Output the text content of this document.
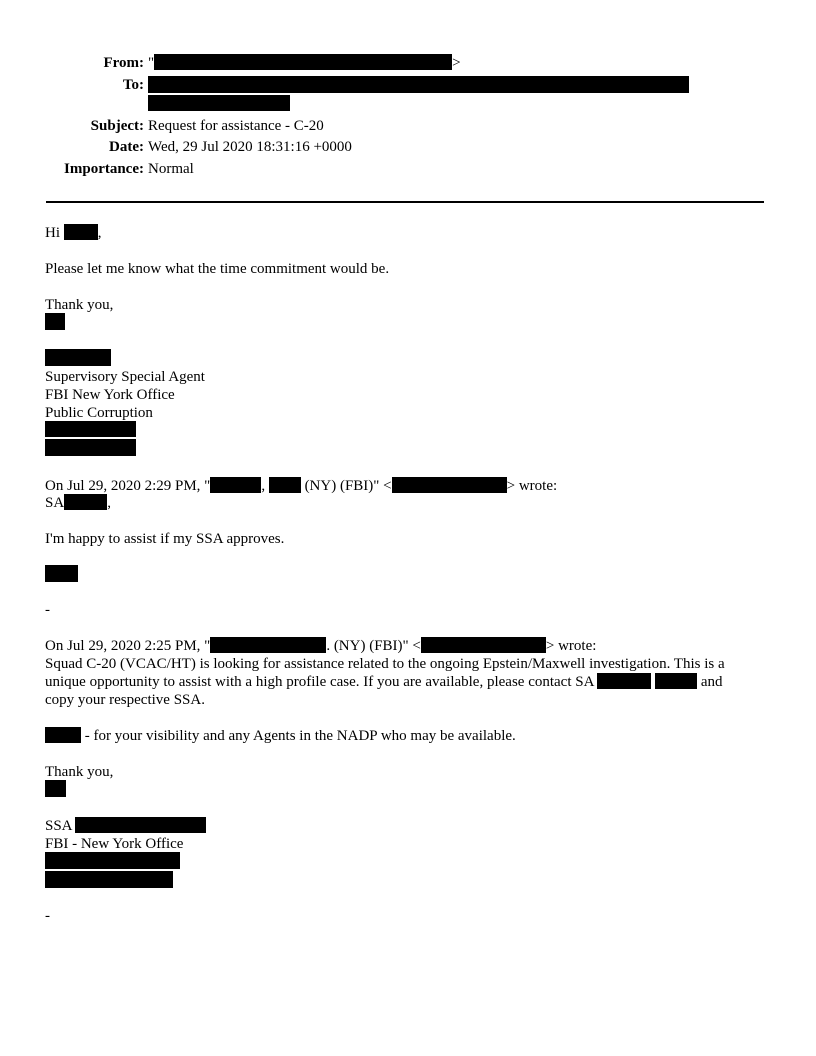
From: "	>
To:
Subject: Request for assistance - C-20
Date: Wed, 29 Jul 2020 18:31:16 +0000
Importance: Normal
Hi	,
Please let me know what the time commitment would be.
Thank you,
Supervisory Special Agent
FBI New York Office
Public Corruption
On Jul 29, 2020 2:29 PM, "	,	(NY) (FBI)" <	> wrote:
SA	,
I'm happy to assist if my SSA approves.
-
On Jul 29, 2020 2:25 PM, "	. (NY) (FBI)" <	> wrote:
Squad C-20 (VCAC/HT) is looking for assistance related to the ongoing Epstein/Maxwell investigation. This is a
unique opportunity to assist with a high profile case. If you are available, please contact SA	and
copy your respective SSA.
- for your visibility and any Agents in the NADP who may be available.
Thank you,
SSA
FBI - New York Office
-
